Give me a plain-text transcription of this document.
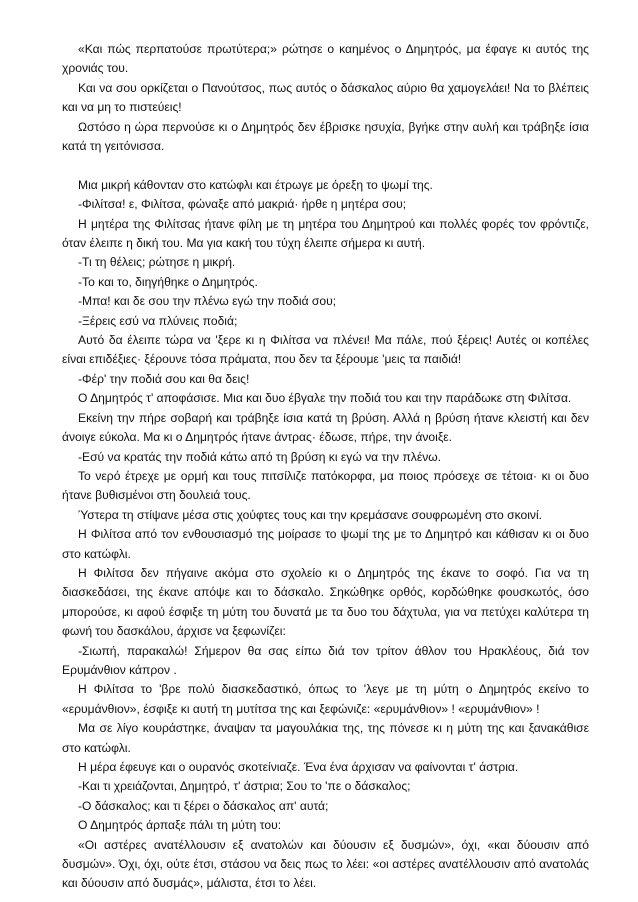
«Και πώς περπατούσε πρωτύτερα;» ρώτησε ο καημένος ο Δημητρός, μα έφαγε κι αυτός της χρονιάς του.

Και να σου ορκίζεται ο Πανούτσος, πως αυτός ο δάσκαλος αύριο θα χαμογελάει! Να το βλέπεις και να μη το πιστεύεις!

Ωστόσο η ώρα περνούσε κι ο Δημητρός δεν έβρισκε ησυχία, βγήκε στην αυλή και τράβηξε ίσια κατά τη γειτόνισσα.

Μια μικρή κάθονταν στο κατώφλι και έτρωγε με όρεξη το ψωμί της.

-Φιλίτσα! ε, Φιλίτσα, φώναξε από μακριά· ήρθε η μητέρα σου;

Η μητέρα της Φιλίτσας ήτανε φίλη με τη μητέρα του Δημητρού και πολλές φορές τον φρόντιζε, όταν έλειπε η δική του. Μα για κακή του τύχη έλειπε σήμερα κι αυτή.

-Τι τη θέλεις; ρώτησε η μικρή.

-Το και το, διηγήθηκε ο Δημητρός.

-Μπα! και δε σου την πλένω εγώ την ποδιά σου;

-Ξέρεις εσύ να πλύνεις ποδιά;

Αυτό δα έλειπε τώρα να 'ξερε κι η Φιλίτσα να πλένει! Μα πάλε, πού ξέρεις! Αυτές οι κοπέλες είναι επιδέξιες· ξέρουνε τόσα πράματα, που δεν τα ξέρουμε 'μεις τα παιδιά!

-Φέρ' την ποδιά σου και θα δεις!

Ο Δημητρός τ' αποφάσισε. Μια και δυο έβγαλε την ποδιά του και την παράδωκε στη Φιλίτσα.

Εκείνη την πήρε σοβαρή και τράβηξε ίσια κατά τη βρύση. Αλλά η βρύση ήτανε κλειστή και δεν άνοιγε εύκολα. Μα κι ο Δημητρός ήτανε άντρας· έδωσε, πήρε, την άνοιξε.

-Εσύ να κρατάς την ποδιά κάτω από τη βρύση κι εγώ να την πλένω.

Το νερό έτρεχε με ορμή και τους πιτσίλιζε πατόκορφα, μα ποιος πρόσεχε σε τέτοια· κι οι δυο ήτανε βυθισμένοι στη δουλειά τους.

Ύστερα τη στίψανε μέσα στις χούφτες τους και την κρεμάσανε σουφρωμένη στο σκοινί.

Η Φιλίτσα από τον ενθουσιασμό της μοίρασε το ψωμί της με το Δημητρό και κάθισαν κι οι δυο στο κατώφλι.

Η Φιλίτσα δεν πήγαινε ακόμα στο σχολείο κι ο Δημητρός της έκανε το σοφό. Για να τη διασκεδάσει, της έκανε απόψε και το δάσκαλο. Σηκώθηκε ορθός, κορδώθηκε φουσκωτός, όσο μπορούσε, κι αφού έσφιξε τη μύτη του δυνατά με τα δυο του δάχτυλα, για να πετύχει καλύτερα τη φωνή του δασκάλου, άρχισε να ξεφωνίζει:

-Σιωπή, παρακαλώ! Σήμερον θα σας είπω διά τον τρίτον άθλον του Ηρακλέους, διά τον Ερυμάνθιον κάπρον .

Η Φιλίτσα το 'βρε πολύ διασκεδαστικό, όπως το 'λεγε με τη μύτη ο Δημητρός εκείνο το «ερυμάνθιον», έσφιξε κι αυτή τη μυτίτσα της και ξεφώνιζε: «ερυμάνθιον» ! «ερυμάνθιον» !

Μα σε λίγο κουράστηκε, άναψαν τα μαγουλάκια της, της πόνεσε κι η μύτη της και ξανακάθισε στο κατώφλι.

Η μέρα έφευγε και ο ουρανός σκοτείνιαζε. Ένα ένα άρχισαν να φαίνονται τ' άστρια.

-Και τι χρειάζονται, Δημητρό, τ' άστρια; Σου το 'πε ο δάσκαλος;

-Ο δάσκαλος; και τι ξέρει ο δάσκαλος απ' αυτά;

Ο Δημητρός άρπαξε πάλι τη μύτη του:

«Οι αστέρες ανατέλλουσιν εξ ανατολών και δύουσιν εξ δυσμών», όχι, «και δύουσιν από δυσμών». Όχι, όχι, ούτε έτσι, στάσου να δεις πως το λέει: «οι αστέρες ανατέλλουσιν από ανατολάς και δύουσιν από δυσμάς», μάλιστα, έτσι το λέει.
